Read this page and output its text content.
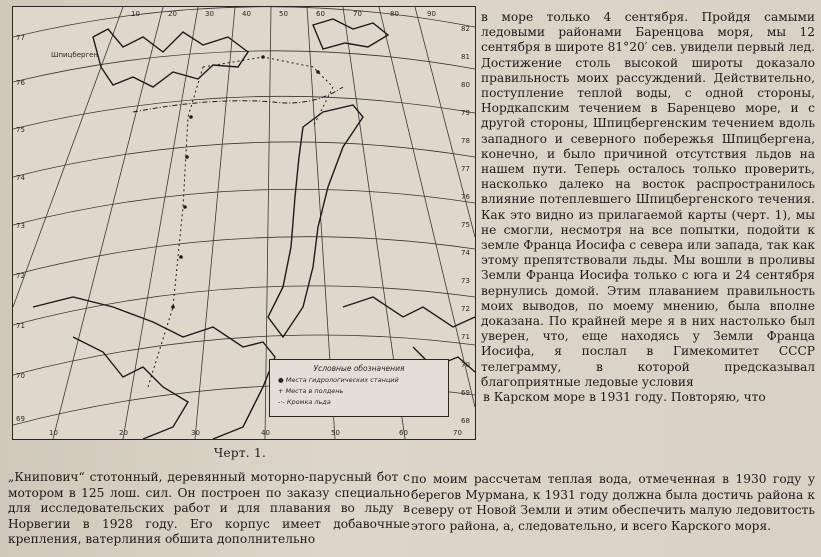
10	20	30	40	50	60	70	80	90
10	20	30	40	50	60	70
77
76
75
74
73
72
71
70
69
82
81
80
79
78
77
76
75
74
73
72
71
70
69
68
Шпицберген
Условные обозначения
● Места гидрологических станций
+ Места в полдень
-·- Кромка льда
Черт. 1.

в море только 4 сентября. Пройдя самыми ледовыми районами Баренцова моря, мы 12 сентября в широте 81°20′ сев. увидели первый лед. Достижение столь высокой широты доказало правильность моих рассуждений. Действительно, поступление теплой воды, с одной стороны, Нордкапским течением в Баренцево море, и с другой стороны, Шпицбергенским течением вдоль западного и северного побережья Шпицбергена, конечно, и было причиной отсутствия льдов на нашем пути. Теперь осталось только проверить, насколько далеко на восток распространилось влияние потеплевшего Шпицбергенского течения. Как это видно из прилагаемой карты (черт. 1), мы не смогли, несмотря на все попытки, подойти к земле Франца Иосифа с севера или запада, так как этому препятствовали льды. Мы вошли в проливы Земли Франца Иосифа только с юга и 24 сентября вернулись домой. Этим плаванием правильность моих выводов, по моему мнению, была вполне доказана. По крайней мере я в них настолько был уверен, что, еще находясь у Земли Франца Иосифа, я послал в Гимекомитет СССР телеграмму, в которой предсказывал благоприятные ледовые условия

в Карском море в 1931 году. Повторяю, что

„Книпович“ стотонный, деревянный моторно-парусный бот с мотором в 125 лош. сил. Он построен по заказу специально для исследовательских работ и для плавания во льду в Норвегии в 1928 году. Его корпус имеет добавочные крепления, ватерлиния обшита дополнительно

по моим рассчетам теплая вода, отмеченная в 1930 году у берегов Мурмана, к 1931 году должна была достичь района к северу от Новой Земли и этим обеспечить малую ледовитость этого района, а, следовательно, и всего Карского моря.
